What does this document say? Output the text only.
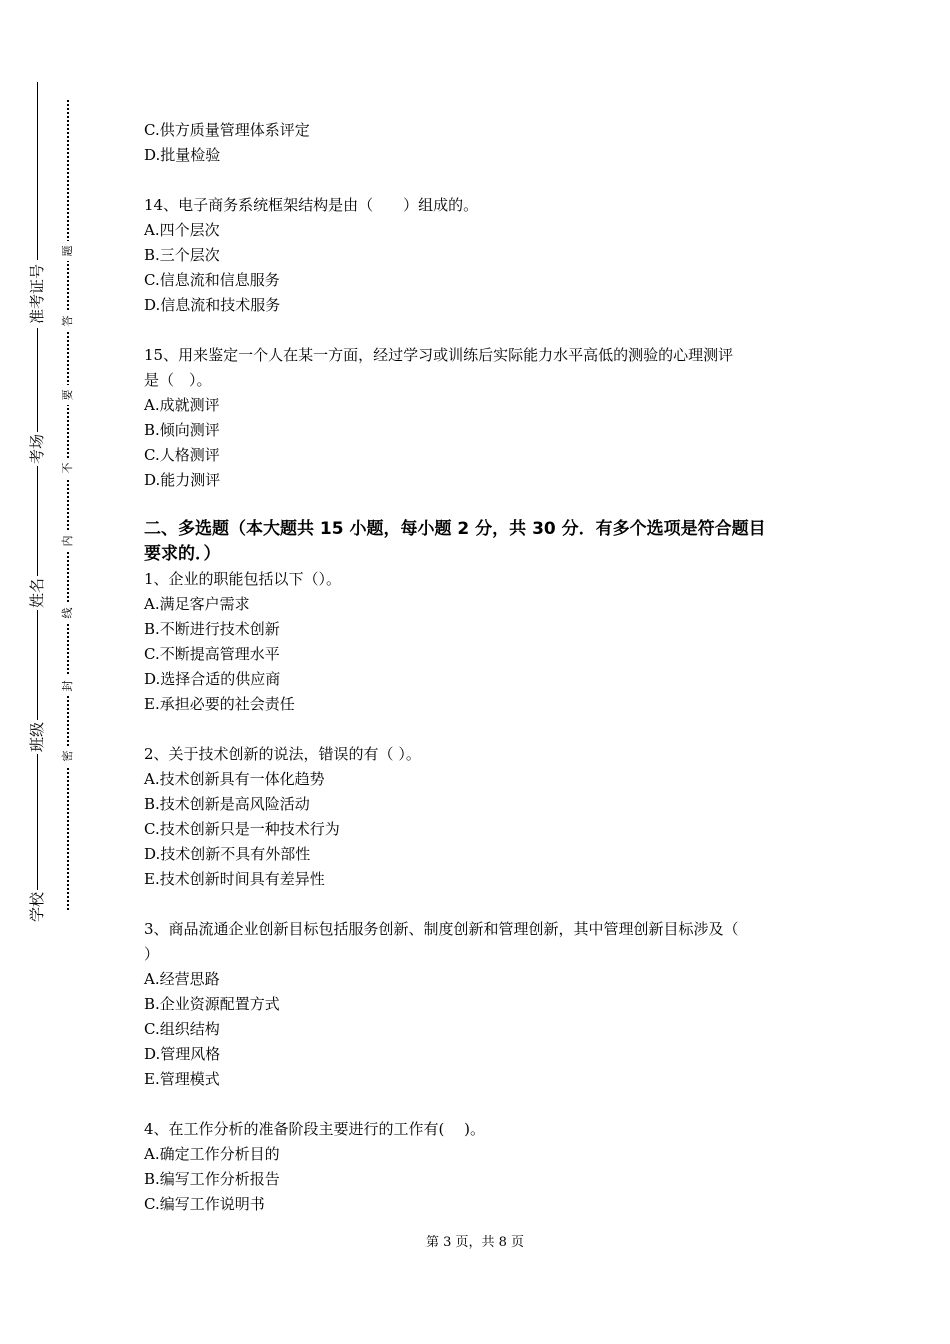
准考证号
考场
姓名
班级
学校
题
答
要
不
内
线
封
密

C.供方质量管理体系评定

D.批量检验

14、电子商务系统框架结构是由（　　）组成的。

A.四个层次

B.三个层次

C.信息流和信息服务

D.信息流和技术服务

15、用来鉴定一个人在某一方面，经过学习或训练后实际能力水平高低的测验的心理测评

是（　）。

A.成就测评

B.倾向测评

C.人格测评

D.能力测评

二、多选题（本大题共 15 小题，每小题 2 分，共 30 分．有多个选项是符合题目

要求的．）

1、企业的职能包括以下（）。

A.满足客户需求

B.不断进行技术创新

C.不断提高管理水平

D.选择合适的供应商

E.承担必要的社会责任

2、关于技术创新的说法，错误的有（ ）。

A.技术创新具有一体化趋势

B.技术创新是高风险活动

C.技术创新只是一种技术行为

D.技术创新不具有外部性

E.技术创新时间具有差异性

3、商品流通企业创新目标包括服务创新、制度创新和管理创新，其中管理创新目标涉及（

）

A.经营思路

B.企业资源配置方式

C.组织结构

D.管理风格

E.管理模式

4、在工作分析的准备阶段主要进行的工作有(　 )。

A.确定工作分析目的

B.编写工作分析报告

C.编写工作说明书

第 3 页，共 8 页
